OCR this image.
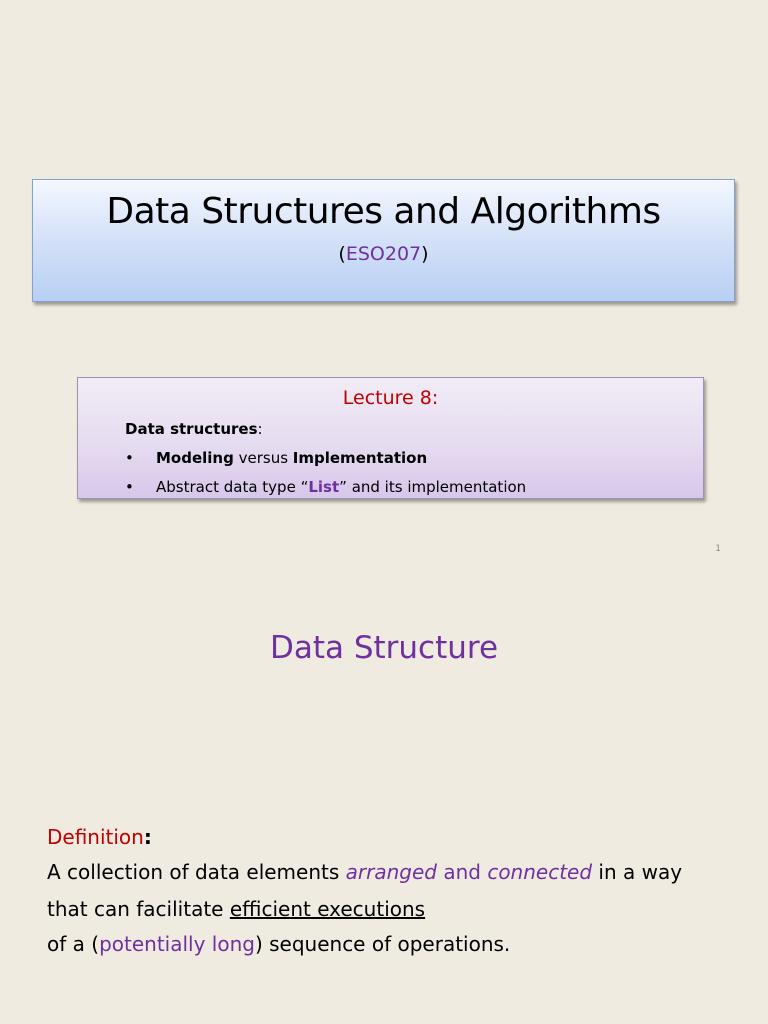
Data Structures and Algorithms
(ESO207)
Lecture 8:
Data structures:
• Modeling versus Implementation
• Abstract data type “List” and its implementation
1
Data Structure
Definition:
A collection of data elements arranged and connected in a way
that can facilitate efficient executions
of a (potentially long) sequence of operations.
